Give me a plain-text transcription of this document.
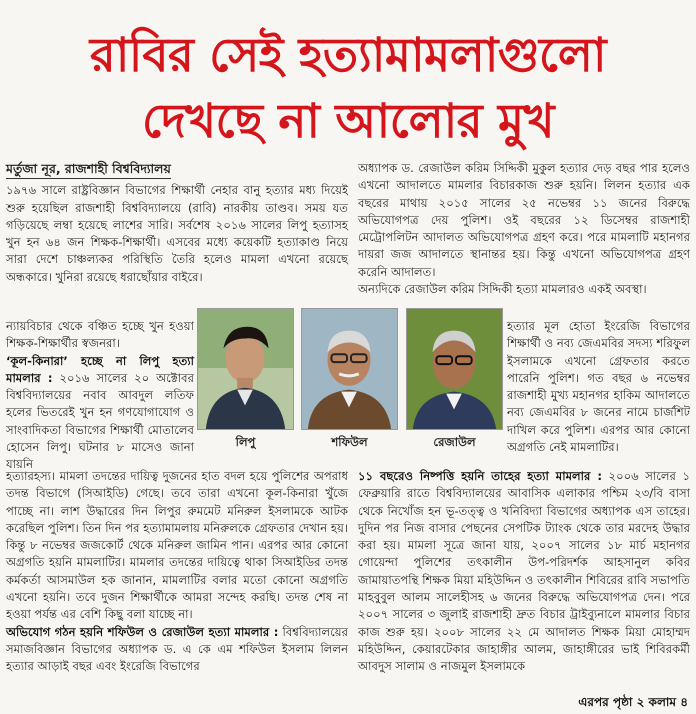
রাবির সেই হত্যামামলাগুলো
দেখছে না আলোর মুখ
মর্তুজা নূর, রাজশাহী বিশ্ববিদ্যালয়

১৯৭৬ সালে রাষ্ট্রবিজ্ঞান বিভাগের শিক্ষার্থী নেহার বানু হত্যার মধ্য দিয়েই শুরু হয়েছিল রাজশাহী বিশ্ববিদ্যালয়ে (রাবি) নারকীয় তাণ্ডব। সময় যত গড়িয়েছে লম্বা হয়েছে লাশের সারি। সর্বশেষ ২০১৬ সালের লিপু হত্যাসহ খুন হন ৬৪ জন শিক্ষক-শিক্ষার্থী। এসবের মধ্যে কয়েকটি হত্যাকাণ্ড নিয়ে সারা দেশে চাঞ্চল্যকর পরিস্থিতি তৈরি হলেও মামলা এখনো রয়েছে অন্ধকারে। খুনিরা রয়েছে ধরাছোঁয়ার বাইরে।

ন্যায়বিচার থেকে বঞ্চিত হচ্ছে খুন হওয়া শিক্ষক-শিক্ষার্থীর স্বজনরা।

‘কূল-কিনারা’ হচ্ছে না লিপু হত্যা মামলার : ২০১৬ সালের ২০ অক্টোবর বিশ্ববিদ্যালয়ের নবাব আবদুল লতিফ হলের ভিতরেই খুন হন গণযোগাযোগ ও সাংবাদিকতা বিভাগের শিক্ষার্থী মোতালেব হোসেন লিপু। ঘটনার ৮ মাসেও জানা যায়নি

হত্যারহস্য। মামলা তদন্তের দায়িত্ব দুজনের হাত বদল হয়ে পুলিশের অপরাধ তদন্ত বিভাগে (সিআইডি) গেছে। তবে তারা এখনো কূল-কিনারা খুঁজে পাচ্ছে না। লাশ উদ্ধারের দিন লিপুর রুমমেট মনিরুল ইসলামকে আটক করেছিল পুলিশ। তিন দিন পর হত্যামামলায় মনিরুলকে গ্রেফতার দেখান হয়। কিন্তু ৮ নভেম্বর জজকোর্ট থেকে মনিরুল জামিন পান। এরপর আর কোনো অগ্রগতি হয়নি মামলাটির। মামলার তদন্তের দায়িত্বে থাকা সিআইডির তদন্ত কর্মকর্তা আসমাউল হক জানান, মামলাটির বলার মতো কোনো অগ্রগতি এখনো হয়নি। তবে দুজন শিক্ষার্থীকে আমরা সন্দেহ করছি। তদন্ত শেষ না হওয়া পর্যন্ত এর বেশি কিছু বলা যাচ্ছে না।

অভিযোগ গঠন হয়নি শফিউল ও রেজাউল হত্যা মামলার : বিশ্ববিদ্যালয়ের সমাজবিজ্ঞান বিভাগের অধ্যাপক ড. এ কে এম শফিউল ইসলাম লিলন হত্যার আড়াই বছর এবং ইংরেজি বিভাগের

অধ্যাপক ড. রেজাউল করিম সিদ্দিকী মুকুল হত্যার দেড় বছর পার হলেও এখনো আদালতে মামলার বিচারকাজ শুরু হয়নি। লিলন হত্যার এক বছরের মাথায় ২০১৫ সালের ২৫ নভেম্বর ১১ জনের বিরুদ্ধে অভিযোগপত্র দেয় পুলিশ। ওই বছরের ১২ ডিসেম্বর রাজশাহী মেট্রোপলিটন আদালত অভিযোগপত্র গ্রহণ করে। পরে মামলাটি মহানগর দায়রা জজ আদালতে স্থানান্তর হয়। কিন্তু এখনো অভিযোগপত্র গ্রহণ করেনি আদালত।

অন্যদিকে রেজাউল করিম সিদ্দিকী হত্যা মামলারও একই অবস্থা।

হত্যার মূল হোতা ইংরেজি বিভাগের শিক্ষার্থী ও নব্য জেএমবির সদস্য শরিফুল ইসলামকে এখনো গ্রেফতার করতে পারেনি পুলিশ। গত বছর ৬ নভেম্বর রাজশাহী মুখ্য মহানগর হাকিম আদালতে নব্য জেএমবির ৮ জনের নামে চার্জশিট দাখিল করে পুলিশ। এরপর আর কোনো অগ্রগতি নেই মামলাটির।

১১ বছরেও নিষ্পত্তি হয়নি তাহের হত্যা মামলার : ২০০৬ সালের ১ ফেব্রুয়ারি রাতে বিশ্ববিদ্যালয়ের আবাসিক এলাকার পশ্চিম ২৩/বি বাসা থেকে নিখোঁজ হন ভূ-তত্ত্ব ও খনিবিদ্যা বিভাগের অধ্যাপক এস তাহের। দুদিন পর নিজ বাসার পেছনের সেপটিক ট্যাংক থেকে তার মরদেহ উদ্ধার করা হয়। মামলা সূত্রে জানা যায়, ২০০৭ সালের ১৮ মার্চ মহানগর গোয়েন্দা পুলিশের তৎকালীন উপ-পরিদর্শক আহসানুল কবির জামায়াতপন্থি শিক্ষক মিয়া মহিউদ্দিন ও তৎকালীন শিবিরের রাবি সভাপতি মাহবুবুল আলম সালেহীসহ ৬ জনের বিরুদ্ধে অভিযোগপত্র দেন। পরে ২০০৭ সালের ৩ জুলাই রাজশাহী দ্রুত বিচার ট্রাইব্যুনালে মামলার বিচার কাজ শুরু হয়। ২০০৮ সালের ২২ মে আদালত শিক্ষক মিয়া মোহাম্মদ মহিউদ্দিন, কেয়ারটেকার জাহাঙ্গীর আলম, জাহাঙ্গীরের ভাই শিবিরকর্মী আবদুস সালাম ও নাজমুল ইসলামকে

লিপু	শফিউল	রেজাউল
এরপর পৃষ্ঠা ২ কলাম ৪
